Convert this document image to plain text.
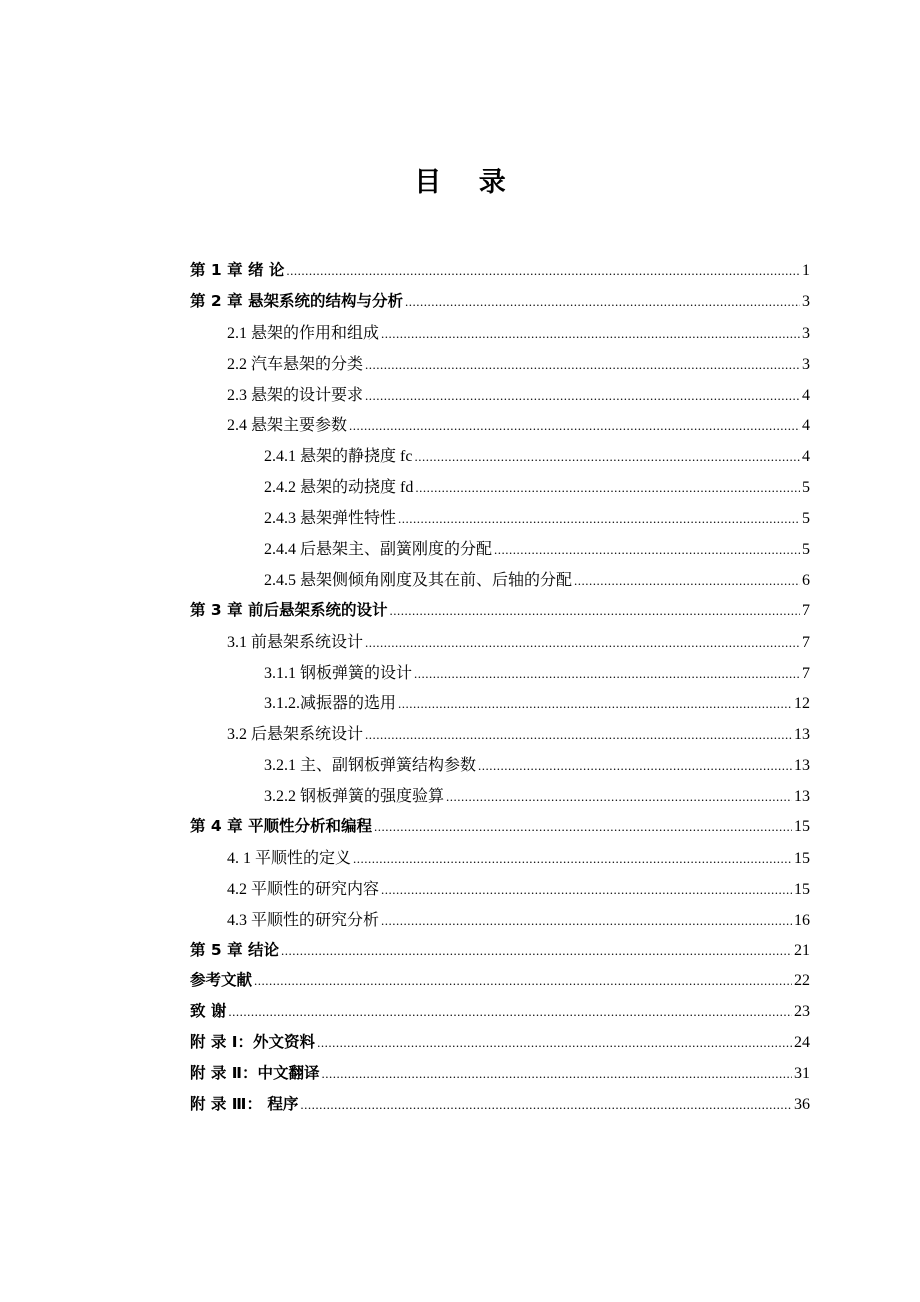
目 录
第 1 章 绪 论 .....	1
第 2 章 悬架系统的结构与分析 .....	3
2.1 悬架的作用和组成 .....	3
2.2 汽车悬架的分类 .....	3
2.3 悬架的设计要求 .....	4
2.4 悬架主要参数 .....	4
2.4.1 悬架的静挠度 fc .....	4
2.4.2 悬架的动挠度 fd .....	5
2.4.3 悬架弹性特性 .....	5
2.4.4 后悬架主、副簧刚度的分配 .....	5
2.4.5 悬架侧倾角刚度及其在前、后轴的分配 .....	6
第 3 章 前后悬架系统的设计 .....	7
3.1 前悬架系统设计 .....	7
3.1.1 钢板弹簧的设计 .....	7
3.1.2.减振器的选用 .....	12
3.2 后悬架系统设计 .....	13
3.2.1 主、副钢板弹簧结构参数 .....	13
3.2.2 钢板弹簧的强度验算 .....	13
第 4 章 平顺性分析和编程 .....	15
4. 1 平顺性的定义 .....	15
4.2 平顺性的研究内容 .....	15
4.3 平顺性的研究分析 .....	16
第 5 章 结论 .....	21
参考文献 .....	22
致 谢 .....	23
附 录 Ⅰ：外文资料 .....	24
附 录 Ⅱ：中文翻译 .....	31
附 录 Ⅲ： 程序 .....	36
